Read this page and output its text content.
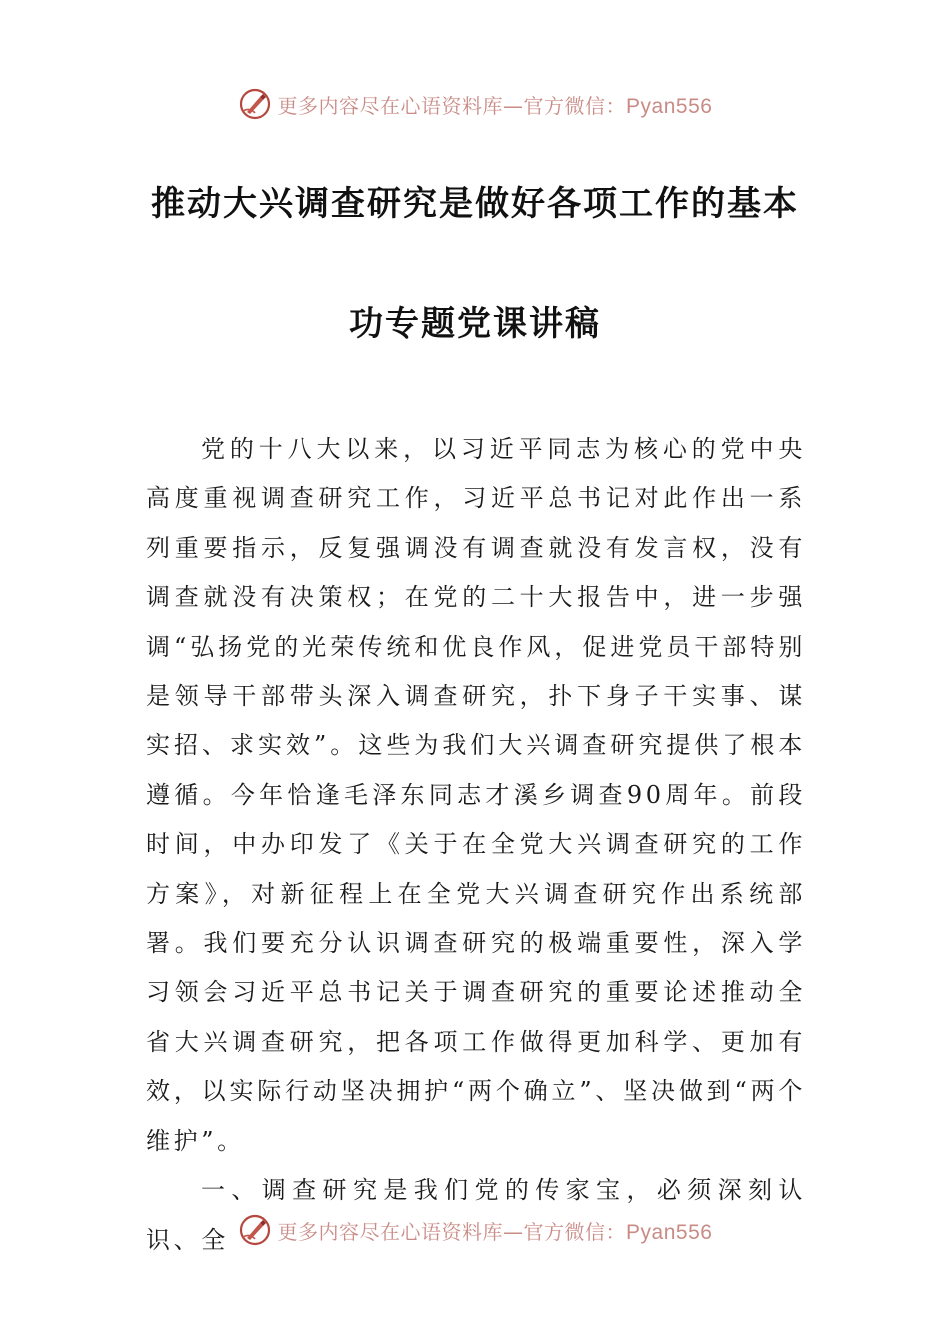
更多内容尽在心语资料库—官方微信：Pyan556
推动大兴调查研究是做好各项工作的基本
功专题党课讲稿

党的十八大以来，以习近平同志为核心的党中央高度重视调查研究工作，习近平总书记对此作出一系列重要指示，反复强调没有调查就没有发言权，没有调查就没有决策权；在党的二十大报告中，进一步强调“弘扬党的光荣传统和优良作风，促进党员干部特别是领导干部带头深入调查研究，扑下身子干实事、谋实招、求实效”。这些为我们大兴调查研究提供了根本遵循。今年恰逢毛泽东同志才溪乡调查90周年。前段时间，中办印发了《关于在全党大兴调查研究的工作方案》，对新征程上在全党大兴调查研究作出系统部署。我们要充分认识调查研究的极端重要性，深入学习领会习近平总书记关于调查研究的重要论述推动全省大兴调查研究，把各项工作做得更加科学、更加有效，以实际行动坚决拥护“两个确立”、坚决做到“两个维护”。

一、调查研究是我们党的传家宝，必须深刻认识、全	更多内容尽在心语资料库—官方微信：Pyan556
